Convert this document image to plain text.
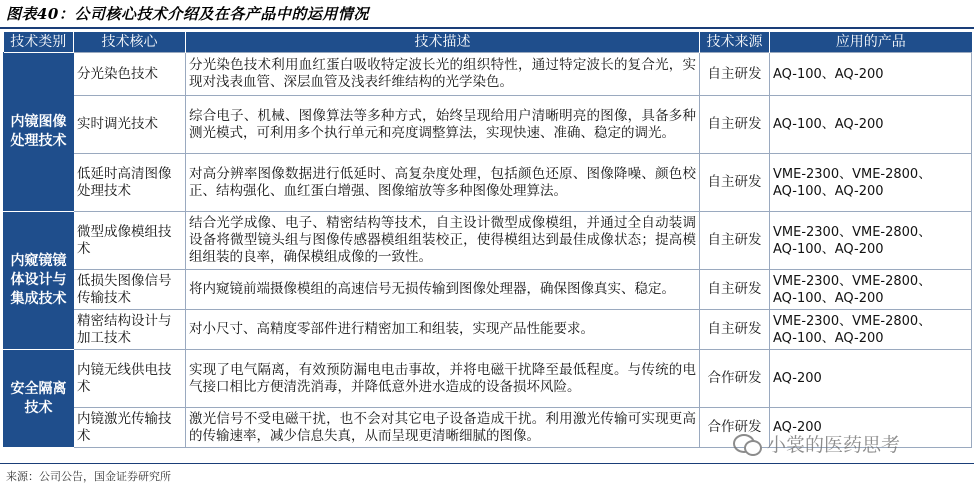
图表40：公司核心技术介绍及在各产品中的运用情况
技术类别	技术核心	技术描述	技术来源	应用的产品
内镜图像处理技术	分光染色技术	分光染色技术利用血红蛋白吸收特定波长光的组织特性，通过特定波长的复合光，实现对浅表血管、深层血管及浅表纤维结构的光学染色。	自主研发	AQ-100、AQ-200

	实时调光技术	综合电子、机械、图像算法等多种方式，始终呈现给用户清晰明亮的图像，具备多种测光模式，可利用多个执行单元和亮度调整算法，实现快速、准确、稳定的调光。	自主研发	AQ-100、AQ-200

	低延时高清图像处理技术	对高分辨率图像数据进行低延时、高复杂度处理，包括颜色还原、图像降噪、颜色校正、结构强化、血红蛋白增强、图像缩放等多种图像处理算法。	自主研发	VME-2300、VME-2800、
AQ-100、AQ-200

内窥镜镜体设计与集成技术	微型成像模组技术	结合光学成像、电子、精密结构等技术，自主设计微型成像模组，并通过全自动装调设备将微型镜头组与图像传感器模组组装校正，使得模组达到最佳成像状态；提高模组组装的良率，确保模组成像的一致性。	自主研发	VME-2300、VME-2800、
AQ-100、AQ-200

	低损失图像信号传输技术	将内窥镜前端摄像模组的高速信号无损传输到图像处理器，确保图像真实、稳定。	自主研发	VME-2300、VME-2800、
AQ-100、AQ-200

	精密结构设计与加工技术	对小尺寸、高精度零部件进行精密加工和组装，实现产品性能要求。	自主研发	VME-2300、VME-2800、
AQ-100、AQ-200

安全隔离技术	内镜无线供电技术	实现了电气隔离，有效预防漏电电击事故，并将电磁干扰降至最低程度。与传统的电气接口相比方便清洗消毒，并降低意外进水造成的设备损坏风险。	合作研发	AQ-200

	内镜激光传输技术	激光信号不受电磁干扰，也不会对其它电子设备造成干扰。利用激光传输可实现更高的传输速率，减少信息失真，从而呈现更清晰细腻的图像。	合作研发	AQ-200
来源：公司公告，国金证券研究所
小裳的医药思考
